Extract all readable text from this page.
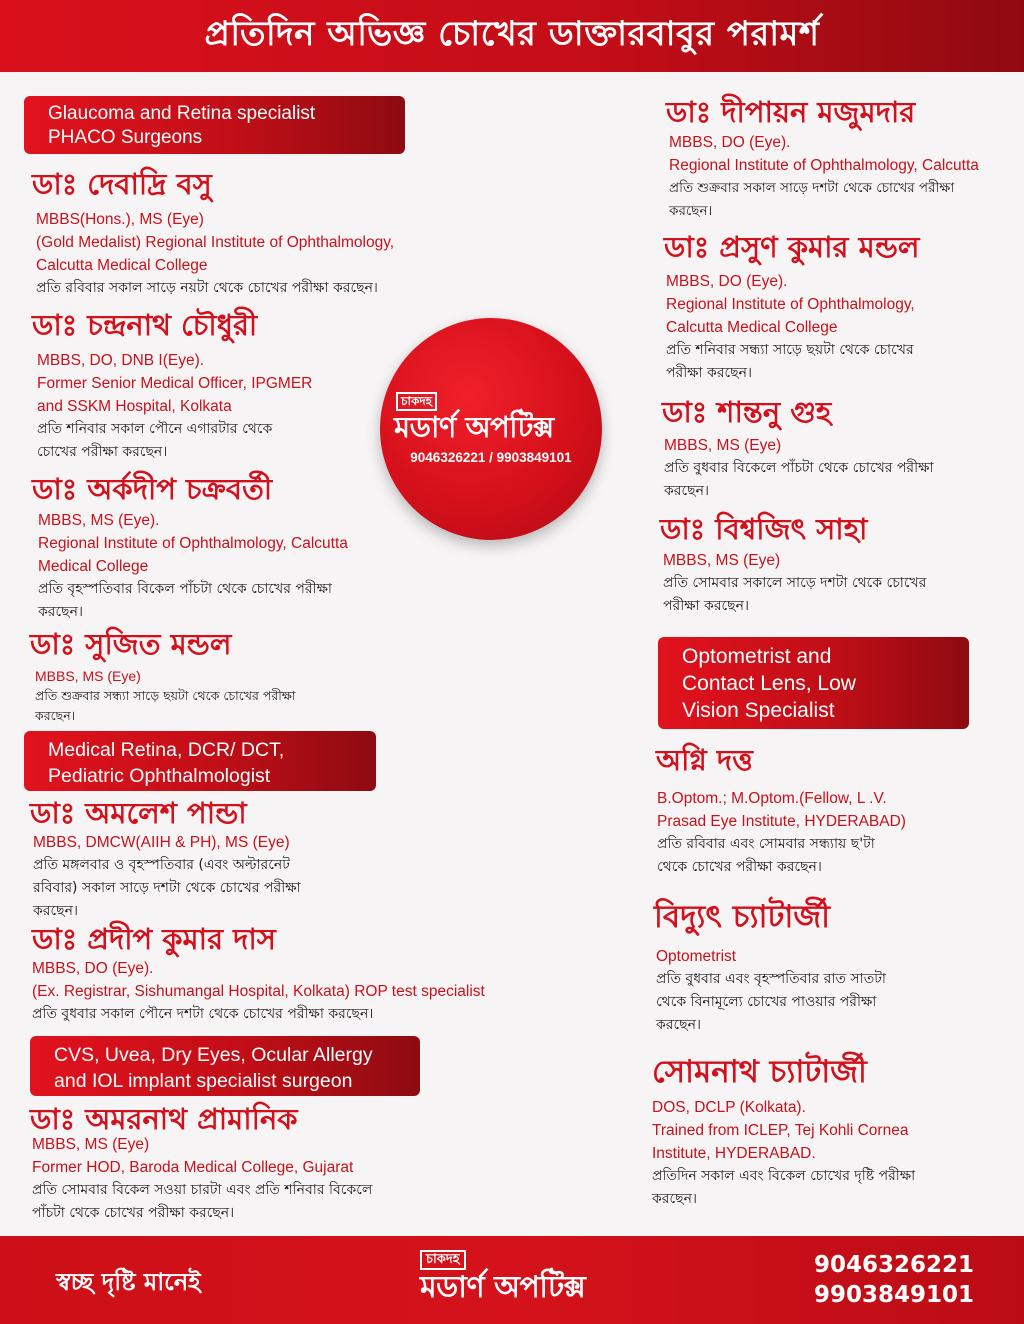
প্রতিদিন অভিজ্ঞ চোখের ডাক্তারবাবুর পরামর্শ
Glaucoma and Retina specialist
PHACO Surgeons
Medical Retina, DCR/ DCT,
Pediatric Ophthalmologist
CVS, Uvea, Dry Eyes, Ocular Allergy
and IOL implant specialist surgeon
Optometrist and
Contact Lens, Low
Vision Specialist
চাকদহ
মডার্ণ অপটিক্স
9046326221 / 9903849101
ডাঃ দেবাদ্রি বসু
MBBS(Hons.), MS (Eye)
(Gold Medalist) Regional Institute of Ophthalmology,
Calcutta Medical College
প্রতি রবিবার সকাল সাড়ে নয়টা থেকে চোখের পরীক্ষা করছেন।
ডাঃ চন্দ্রনাথ চৌধুরী
MBBS, DO, DNB I(Eye).
Former Senior Medical Officer, IPGMER
and SSKM Hospital, Kolkata
প্রতি শনিবার সকাল পৌনে এগারটার থেকে
চোখের পরীক্ষা করছেন।
ডাঃ অর্কদীপ চক্রবর্তী
MBBS, MS (Eye).
Regional Institute of Ophthalmology, Calcutta
Medical College
প্রতি বৃহস্পতিবার বিকেল পাঁচটা থেকে চোখের পরীক্ষা
করছেন।
ডাঃ সুজিত মন্ডল
MBBS, MS (Eye)
প্রতি শুক্রবার সন্ধ্যা সাড়ে ছয়টা থেকে চোখের পরীক্ষা
করছেন।
ডাঃ অমলেশ পান্ডা
MBBS, DMCW(AIIH & PH), MS (Eye)
প্রতি মঙ্গলবার ও বৃহস্পতিবার (এবং অল্টারনেট
রবিবার) সকাল সাড়ে দশটা থেকে চোখের পরীক্ষা
করছেন।
ডাঃ প্রদীপ কুমার দাস
MBBS, DO (Eye).
(Ex. Registrar, Sishumangal Hospital, Kolkata) ROP test specialist
প্রতি বুধবার সকাল পৌনে দশটা থেকে চোখের পরীক্ষা করছেন।
ডাঃ অমরনাথ প্রামানিক
MBBS, MS (Eye)
Former HOD, Baroda Medical College, Gujarat
প্রতি সোমবার বিকেল সওয়া চারটা এবং প্রতি শনিবার বিকেলে
পাঁচটা থেকে চোখের পরীক্ষা করছেন।
ডাঃ দীপায়ন মজুমদার
MBBS, DO (Eye).
Regional Institute of Ophthalmology, Calcutta
প্রতি শুক্রবার সকাল সাড়ে দশটা থেকে চোখের পরীক্ষা
করছেন।
ডাঃ প্রসুণ কুমার মন্ডল
MBBS, DO (Eye).
Regional Institute of Ophthalmology,
Calcutta Medical College
প্রতি শনিবার সন্ধ্যা সাড়ে ছয়টা থেকে চোখের
পরীক্ষা করছেন।
ডাঃ শান্তনু গুহ
MBBS, MS (Eye)
প্রতি বুধবার বিকেলে পাঁচটা থেকে চোখের পরীক্ষা
করছেন।
ডাঃ বিশ্বজিৎ সাহা
MBBS, MS (Eye)
প্রতি সোমবার সকালে সাড়ে দশটা থেকে চোখের
পরীক্ষা করছেন।
অগ্নি দত্ত
B.Optom.; M.Optom.(Fellow, L .V.
Prasad Eye Institute, HYDERABAD)
প্রতি রবিবার এবং সোমবার সন্ধ্যায় ছ'টা
থেকে চোখের পরীক্ষা করছেন।
বিদ্যুৎ চ্যাটার্জী
Optometrist
প্রতি বুধবার এবং বৃহস্পতিবার রাত সাতটা
থেকে বিনামূল্যে চোখের পাওয়ার পরীক্ষা
করছেন।
সোমনাথ চ্যাটার্জী
DOS, DCLP (Kolkata).
Trained from ICLEP, Tej Kohli Cornea
Institute, HYDERABAD.
প্রতিদিন সকাল এবং বিকেল চোখের দৃষ্টি পরীক্ষা
করছেন।
স্বচ্ছ দৃষ্টি মানেই
চাকদহ
মডার্ণ অপটিক্স
9046326221
9903849101
